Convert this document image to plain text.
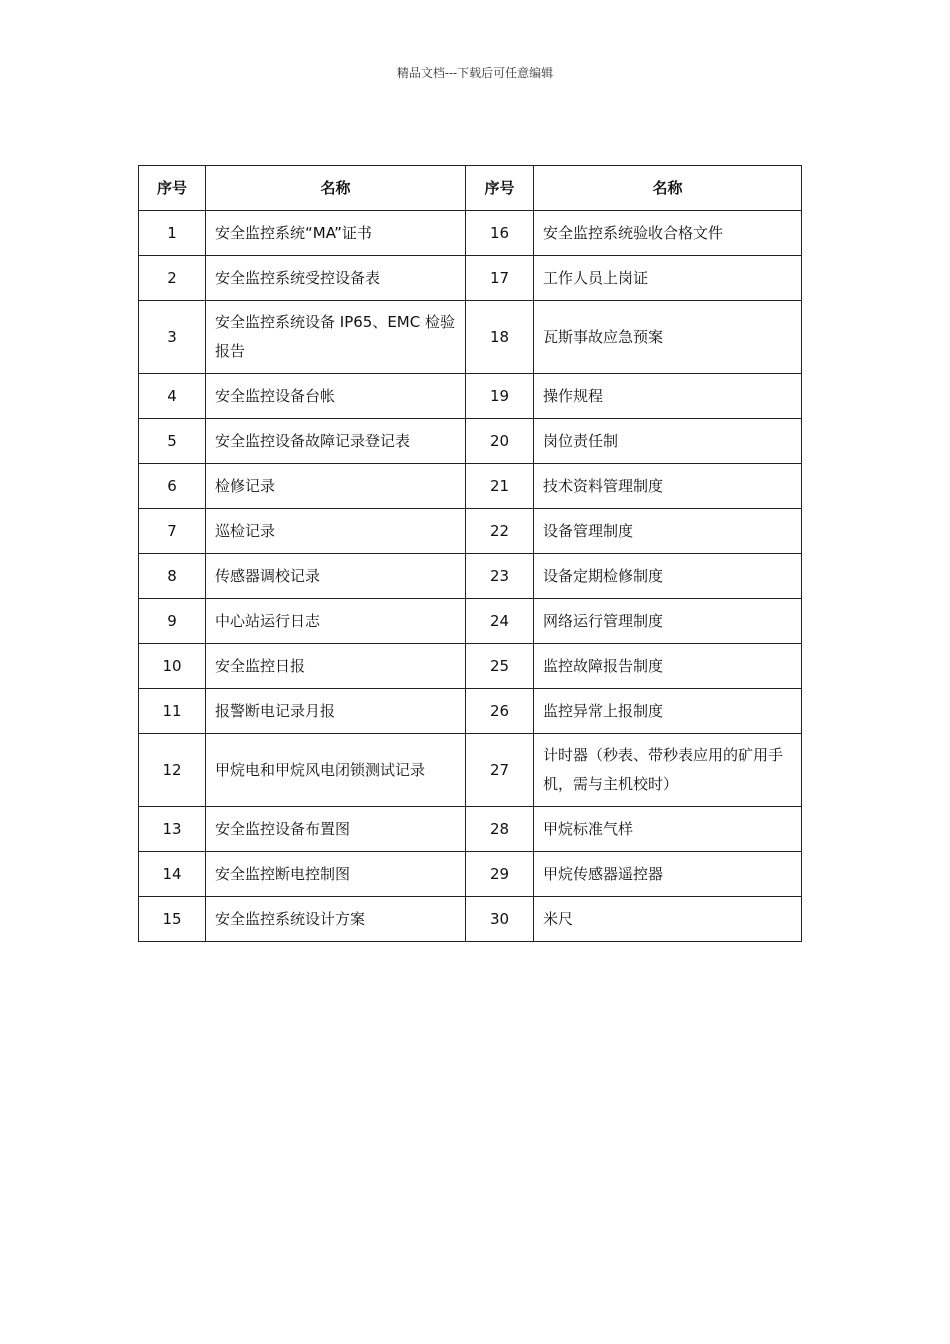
精品文档---下载后可任意编辑
序号	名称	序号	名称
1	安全监控系统“MA”证书	16	安全监控系统验收合格文件
2	安全监控系统受控设备表	17	工作人员上岗证
3	安全监控系统设备 IP65、EMC 检验报告	18	瓦斯事故应急预案
4	安全监控设备台帐	19	操作规程
5	安全监控设备故障记录登记表	20	岗位责任制
6	检修记录	21	技术资料管理制度
7	巡检记录	22	设备管理制度
8	传感器调校记录	23	设备定期检修制度
9	中心站运行日志	24	网络运行管理制度
10	安全监控日报	25	监控故障报告制度
11	报警断电记录月报	26	监控异常上报制度
12	甲烷电和甲烷风电闭锁测试记录	27	计时器（秒表、带秒表应用的矿用手机，需与主机校时）
13	安全监控设备布置图	28	甲烷标准气样
14	安全监控断电控制图	29	甲烷传感器遥控器
15	安全监控系统设计方案	30	米尺
